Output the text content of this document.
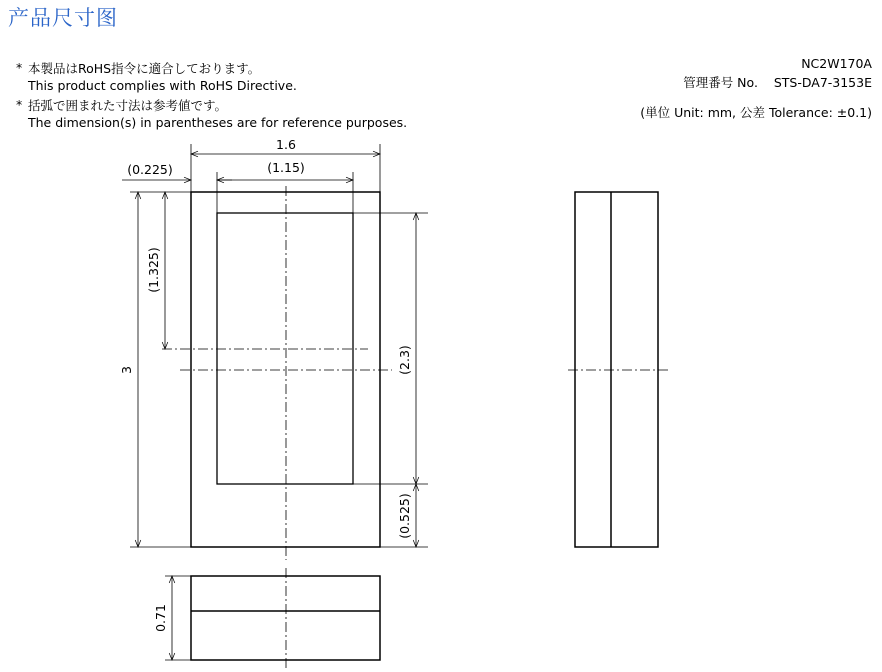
产品尺寸图
* 本製品はRoHS指令に適合しております。
This product complies with RoHS Directive.
* 括弧で囲まれた寸法は参考値です。
The dimension(s) in parentheses are for reference purposes.
NC2W170A
管理番号 No. STS-DA7-3153E
(単位 Unit: mm, 公差 Tolerance: ±0.1)
1.6
(1.15)
(0.225)
3
(1.325)
(2.3)
(0.525)
0.71
